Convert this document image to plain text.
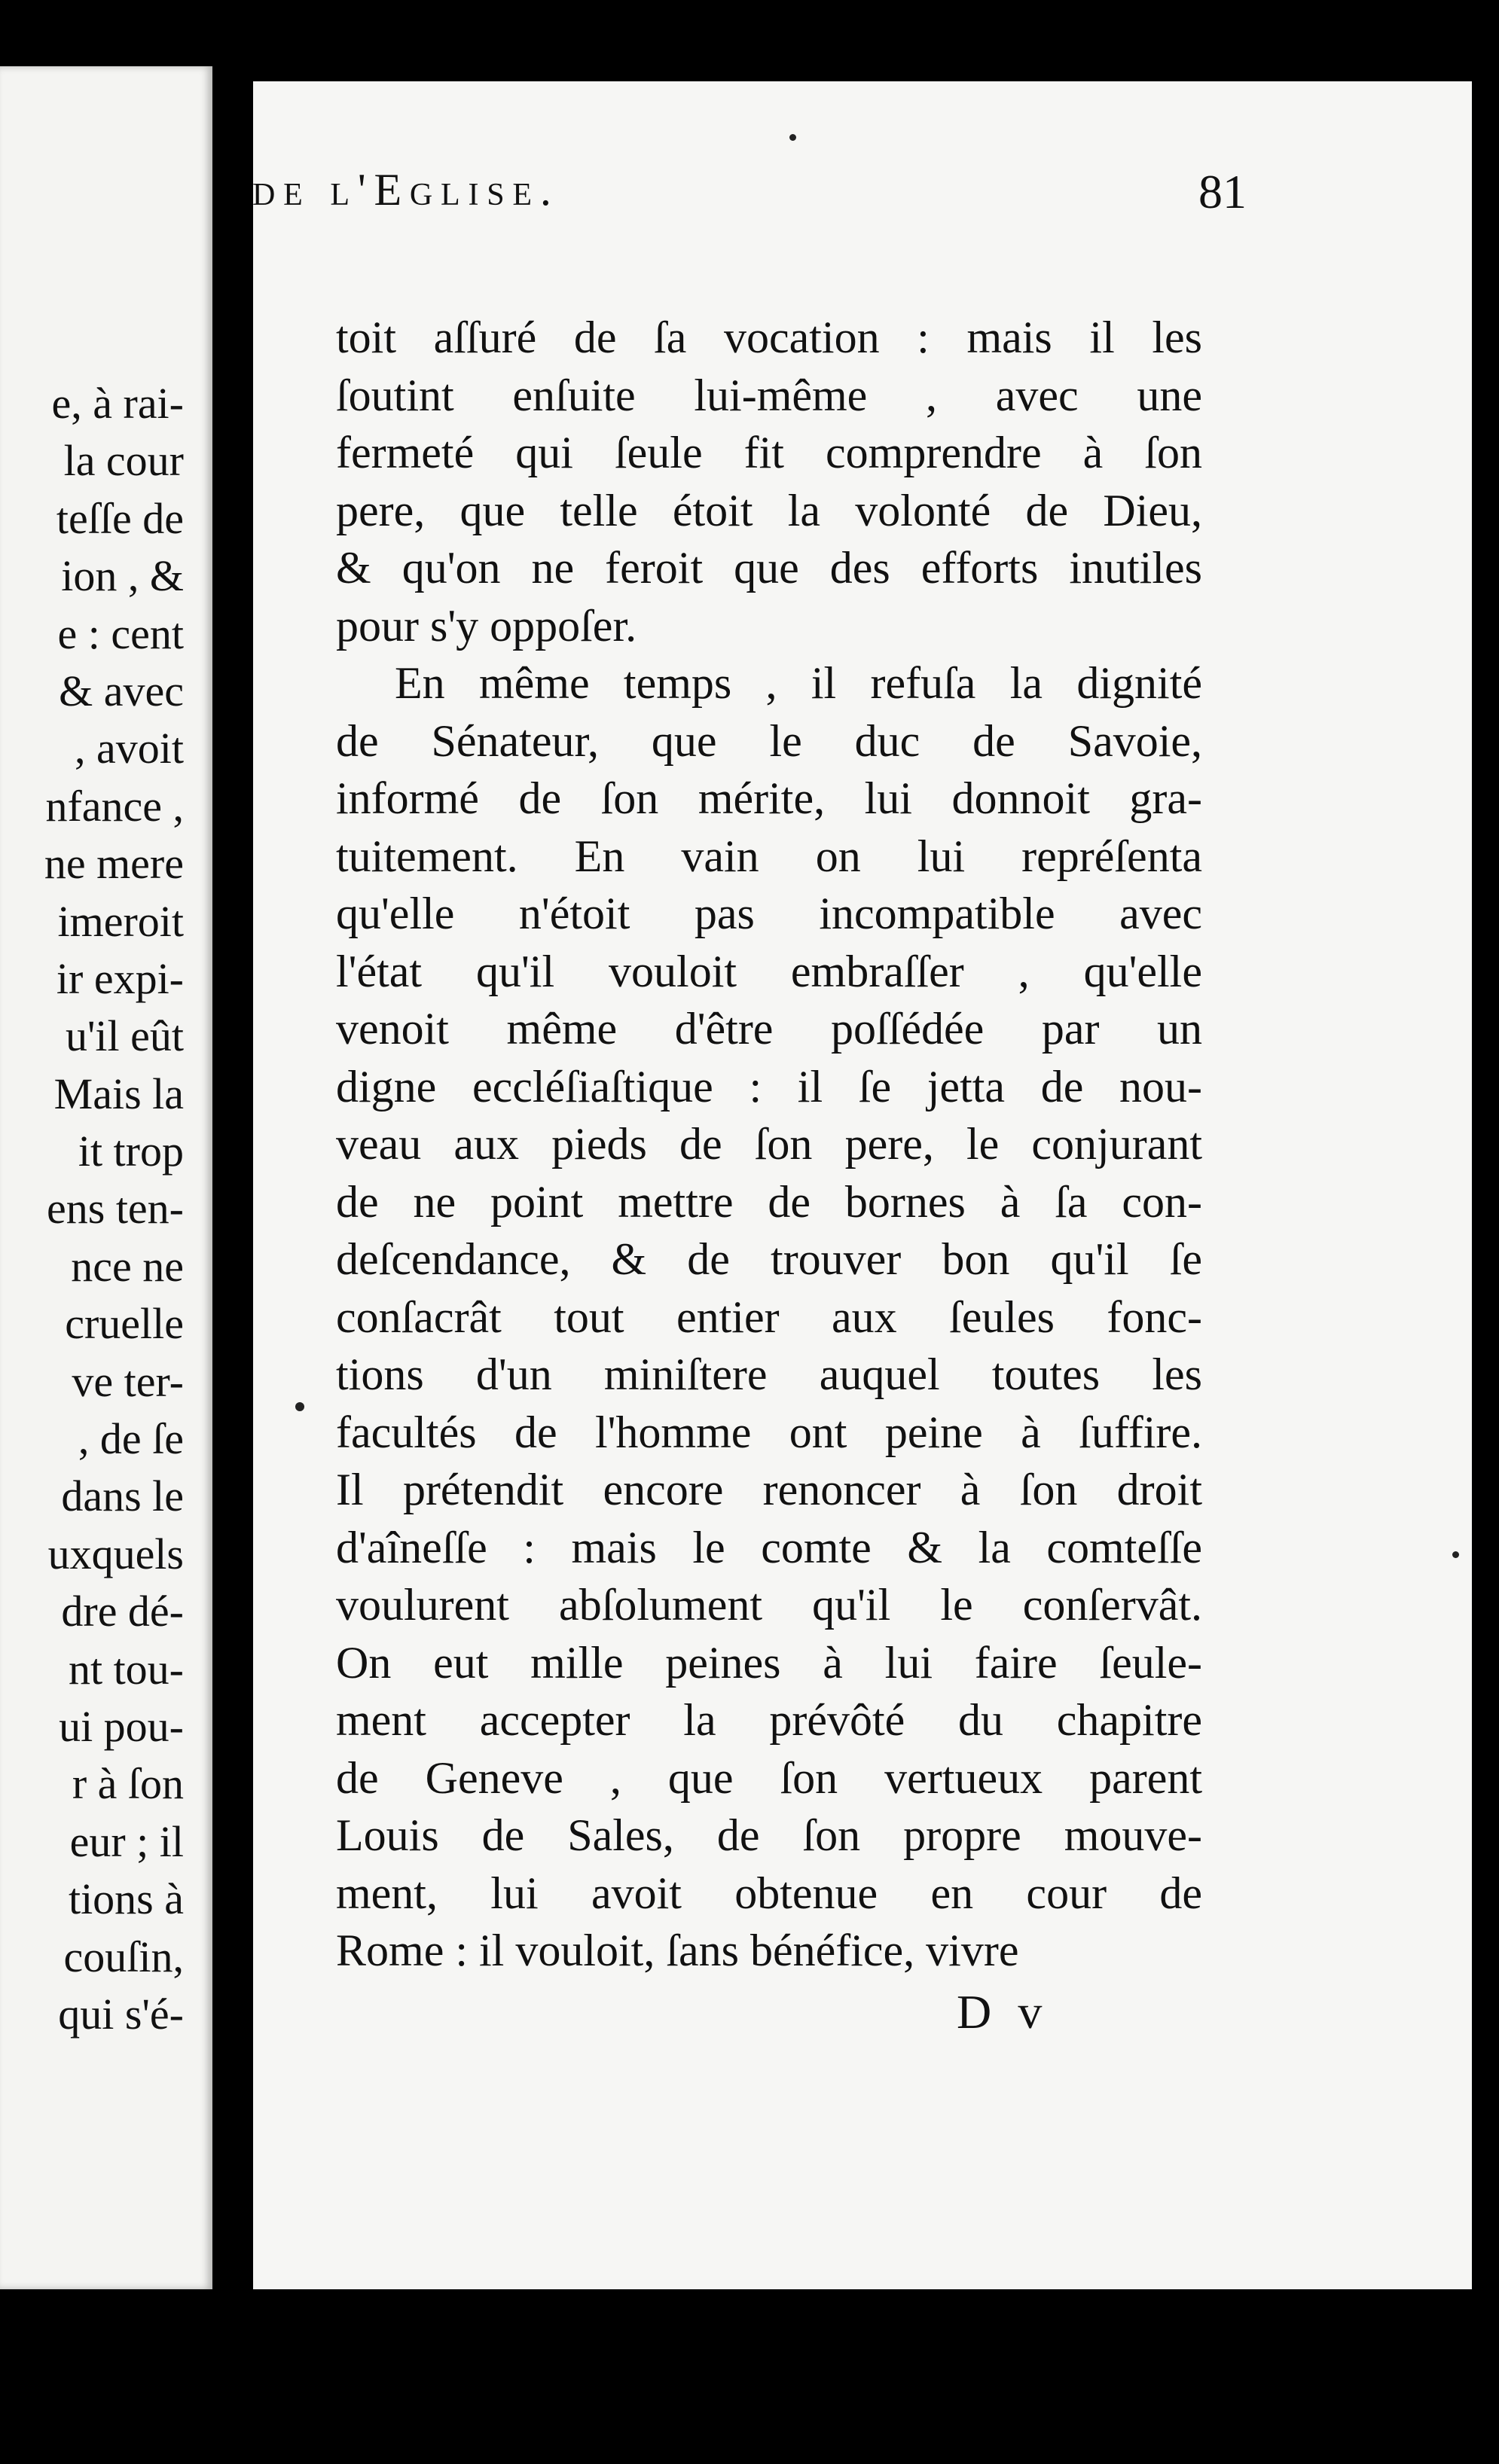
e, à rai-
la cour
teſſe de
ion , &
e : cent
& avec
, avoit
nfance ,
ne mere
imeroit
ir expi-
u'il eût
Mais la
it trop
ens ten-
nce ne
cruelle
ve ter-
, de ſe
dans le
uxquels
dre dé-
nt tou-
ui pou-
r à ſon
eur ; il
tions à
couſin,
qui s'é-
de l'Eglise.	81
toit aſſuré de ſa vocation : mais il les
ſoutint enſuite lui-même , avec une
fermeté qui ſeule fit comprendre à ſon
pere, que telle étoit la volonté de Dieu,
& qu'on ne feroit que des efforts inutiles
pour s'y oppoſer.
En même temps , il refuſa la dignité
de Sénateur, que le duc de Savoie,
informé de ſon mérite, lui donnoit gra-
tuitement. En vain on lui repréſenta
qu'elle n'étoit pas incompatible avec
l'état qu'il vouloit embraſſer , qu'elle
venoit même d'être poſſédée par un
digne eccléſiaſtique : il ſe jetta de nou-
veau aux pieds de ſon pere, le conjurant
de ne point mettre de bornes à ſa con-
deſcendance, & de trouver bon qu'il ſe
conſacrât tout entier aux ſeules fonc-
tions d'un miniſtere auquel toutes les
facultés de l'homme ont peine à ſuffire.
Il prétendit encore renoncer à ſon droit
d'aîneſſe : mais le comte & la comteſſe
voulurent abſolument qu'il le conſervât.
On eut mille peines à lui faire ſeule-
ment accepter la prévôté du chapitre
de Geneve , que ſon vertueux parent
Louis de Sales, de ſon propre mouve-
ment, lui avoit obtenue en cour de
Rome : il vouloit, ſans bénéfice, vivre
D v
